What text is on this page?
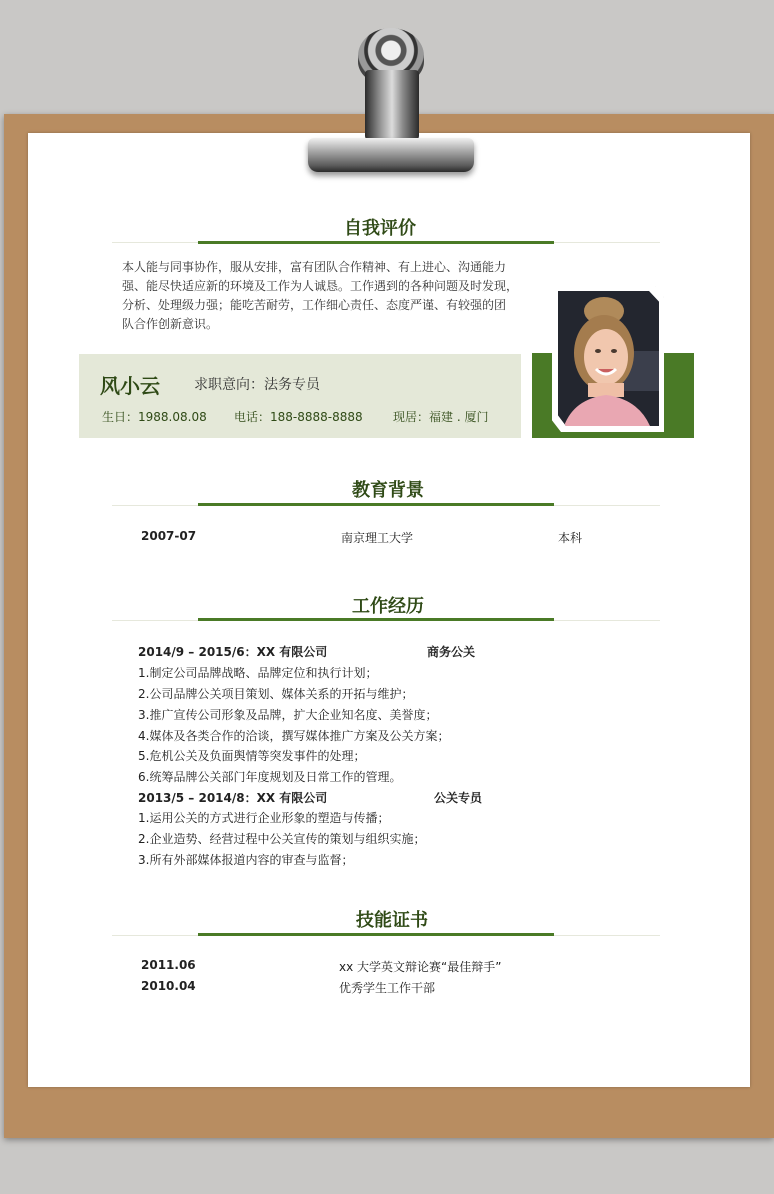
自我评价
本人能与同事协作，服从安排，富有团队合作精神、有上进心、沟通能力
强、能尽快适应新的环境及工作为人诚恳。工作遇到的各种问题及时发现，
分析、处理级力强；能吃苦耐劳，工作细心责任、态度严谨、有较强的团
队合作创新意识。
风小云 求职意向：法务专员
生日：1988.08.08 电话：188-8888-8888	现居：福建 . 厦门
教育背景
2007-07	南京理工大学	本科
工作经历
2014/9 – 2015/6：XX 有限公司	商务公关
1.制定公司品牌战略、品牌定位和执行计划；
2.公司品牌公关项目策划、媒体关系的开拓与维护；
3.推广宣传公司形象及品牌，扩大企业知名度、美誉度；
4.媒体及各类合作的洽谈，撰写媒体推广方案及公关方案；
5.危机公关及负面舆情等突发事件的处理；
6.统筹品牌公关部门年度规划及日常工作的管理。
2013/5 – 2014/8：XX 有限公司	公关专员
1.运用公关的方式进行企业形象的塑造与传播；
2.企业造势、经营过程中公关宣传的策划与组织实施；
3.所有外部媒体报道内容的审查与监督；
技能证书
2011.06	xx 大学英文辩论赛“最佳辩手”
2010.04	优秀学生工作干部
